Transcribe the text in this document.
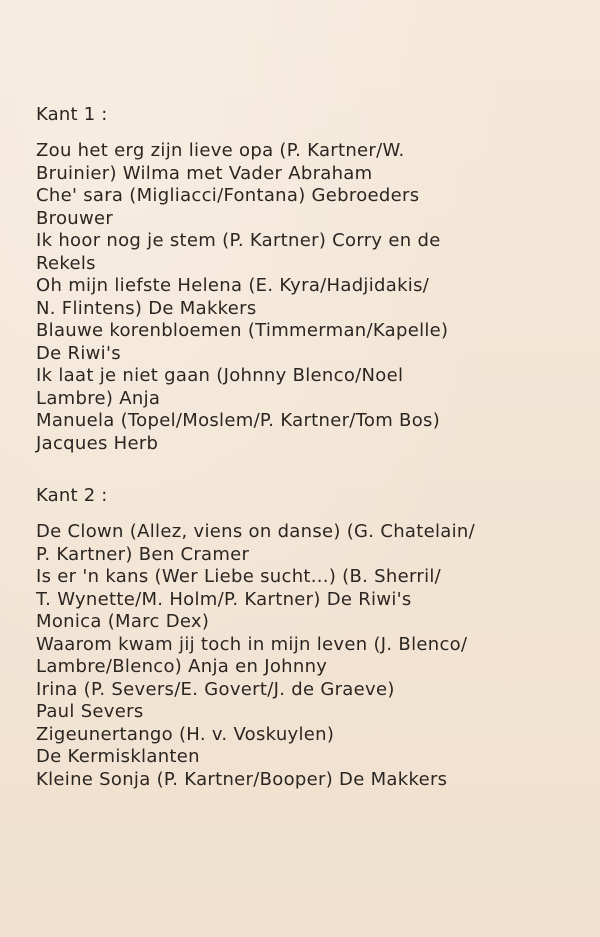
Kant 1 :
Zou het erg zijn lieve opa (P. Kartner/W.
Bruinier) Wilma met Vader Abraham
Che' sara (Migliacci/Fontana) Gebroeders
Brouwer
Ik hoor nog je stem (P. Kartner) Corry en de
Rekels
Oh mijn liefste Helena (E. Kyra/Hadjidakis/
N. Flintens) De Makkers
Blauwe korenbloemen (Timmerman/Kapelle)
De Riwi's
Ik laat je niet gaan (Johnny Blenco/Noel
Lambre) Anja
Manuela (Topel/Moslem/P. Kartner/Tom Bos)
Jacques Herb
Kant 2 :
De Clown (Allez, viens on danse) (G. Chatelain/
P. Kartner) Ben Cramer
Is er 'n kans (Wer Liebe sucht...) (B. Sherril/
T. Wynette/M. Holm/P. Kartner) De Riwi's
Monica (Marc Dex)
Waarom kwam jij toch in mijn leven (J. Blenco/
Lambre/Blenco) Anja en Johnny
Irina (P. Severs/E. Govert/J. de Graeve)
Paul Severs
Zigeunertango (H. v. Voskuylen)
De Kermisklanten
Kleine Sonja (P. Kartner/Booper) De Makkers
